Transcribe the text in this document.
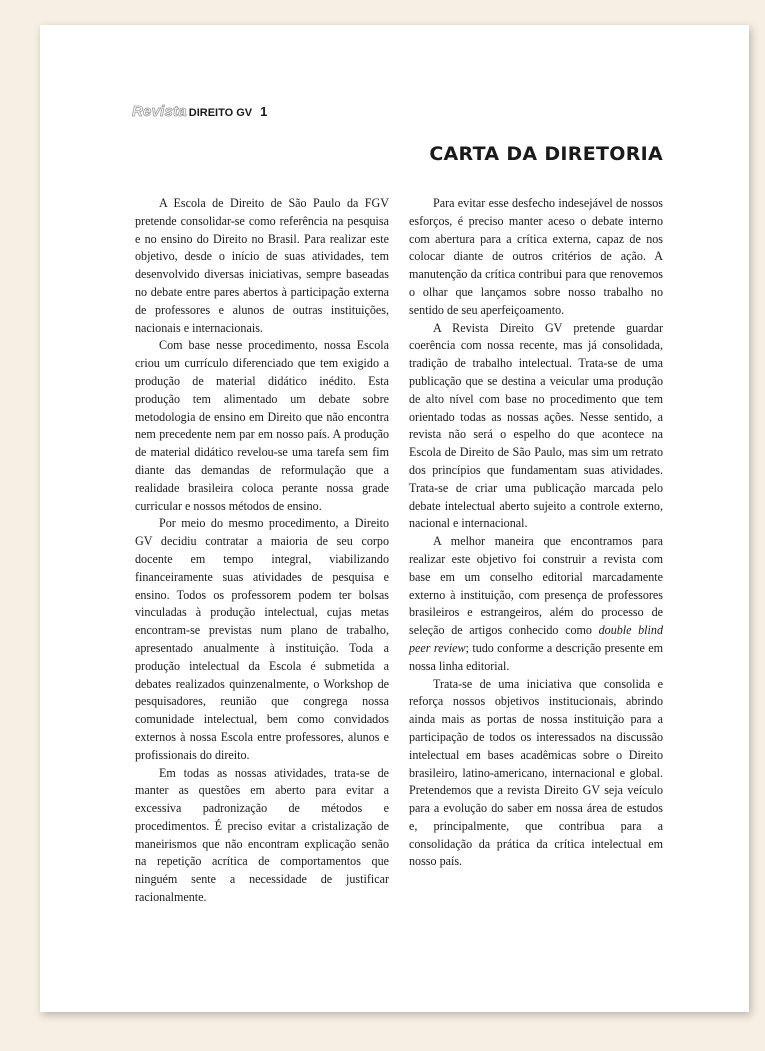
Revista DIREITO GV 1
CARTA DA DIRETORIA

A Escola de Direito de São Paulo da FGV pretende consolidar-se como referência na pesquisa e no ensino do Direito no Brasil. Para realizar este objetivo, desde o início de suas atividades, tem desenvolvido diversas iniciativas, sempre baseadas no debate entre pares abertos à participação externa de professores e alunos de outras instituições, nacionais e internacionais.

Com base nesse procedimento, nossa Escola criou um currículo diferenciado que tem exigido a produção de material didático inédito. Esta produção tem alimentado um debate sobre metodologia de ensino em Direito que não encontra nem precedente nem par em nosso país. A produção de material didático revelou-se uma tarefa sem fim diante das demandas de reformulação que a realidade brasileira coloca perante nossa grade curricular e nossos métodos de ensino.

Por meio do mesmo procedimento, a Direito GV decidiu contratar a maioria de seu corpo docente em tempo integral, viabilizando financeiramente suas atividades de pesquisa e ensino. Todos os professorem podem ter bolsas vinculadas à produção intelectual, cujas metas encontram-se previstas num plano de trabalho, apresentado anualmente à instituição. Toda a produção intelectual da Escola é submetida a debates realizados quinzenalmente, o Workshop de pesquisadores, reunião que congrega nossa comunidade intelectual, bem como convidados externos à nossa Escola entre professores, alunos e profissionais do direito.

Em todas as nossas atividades, trata-se de manter as questões em aberto para evitar a excessiva padronização de métodos e procedimentos. É preciso evitar a cristalização de maneirismos que não encontram explicação senão na repetição acrítica de comportamentos que ninguém sente a necessidade de justificar racionalmente.

Para evitar esse desfecho indesejável de nossos esforços, é preciso manter aceso o debate interno com abertura para a crítica externa, capaz de nos colocar diante de outros critérios de ação. A manutenção da crítica contribui para que renovemos o olhar que lançamos sobre nosso trabalho no sentido de seu aperfeiçoamento.

A Revista Direito GV pretende guardar coerência com nossa recente, mas já consolidada, tradição de trabalho intelectual. Trata-se de uma publicação que se destina a veicular uma produção de alto nível com base no procedimento que tem orientado todas as nossas ações. Nesse sentido, a revista não será o espelho do que acontece na Escola de Direito de São Paulo, mas sim um retrato dos princípios que fundamentam suas atividades. Trata-se de criar uma publicação marcada pelo debate intelectual aberto sujeito a controle externo, nacional e internacional.

A melhor maneira que encontramos para realizar este objetivo foi construir a revista com base em um conselho editorial marcadamente externo à instituição, com presença de professores brasileiros e estrangeiros, além do processo de seleção de artigos conhecido como double blind peer review; tudo conforme a descrição presente em nossa linha editorial.

Trata-se de uma iniciativa que consolida e reforça nossos objetivos institucionais, abrindo ainda mais as portas de nossa instituição para a participação de todos os interessados na discussão intelectual em bases acadêmicas sobre o Direito brasileiro, latino-americano, internacional e global. Pretendemos que a revista Direito GV seja veículo para a evolução do saber em nossa área de estudos e, principalmente, que contribua para a consolidação da prática da crítica intelectual em nosso país.
